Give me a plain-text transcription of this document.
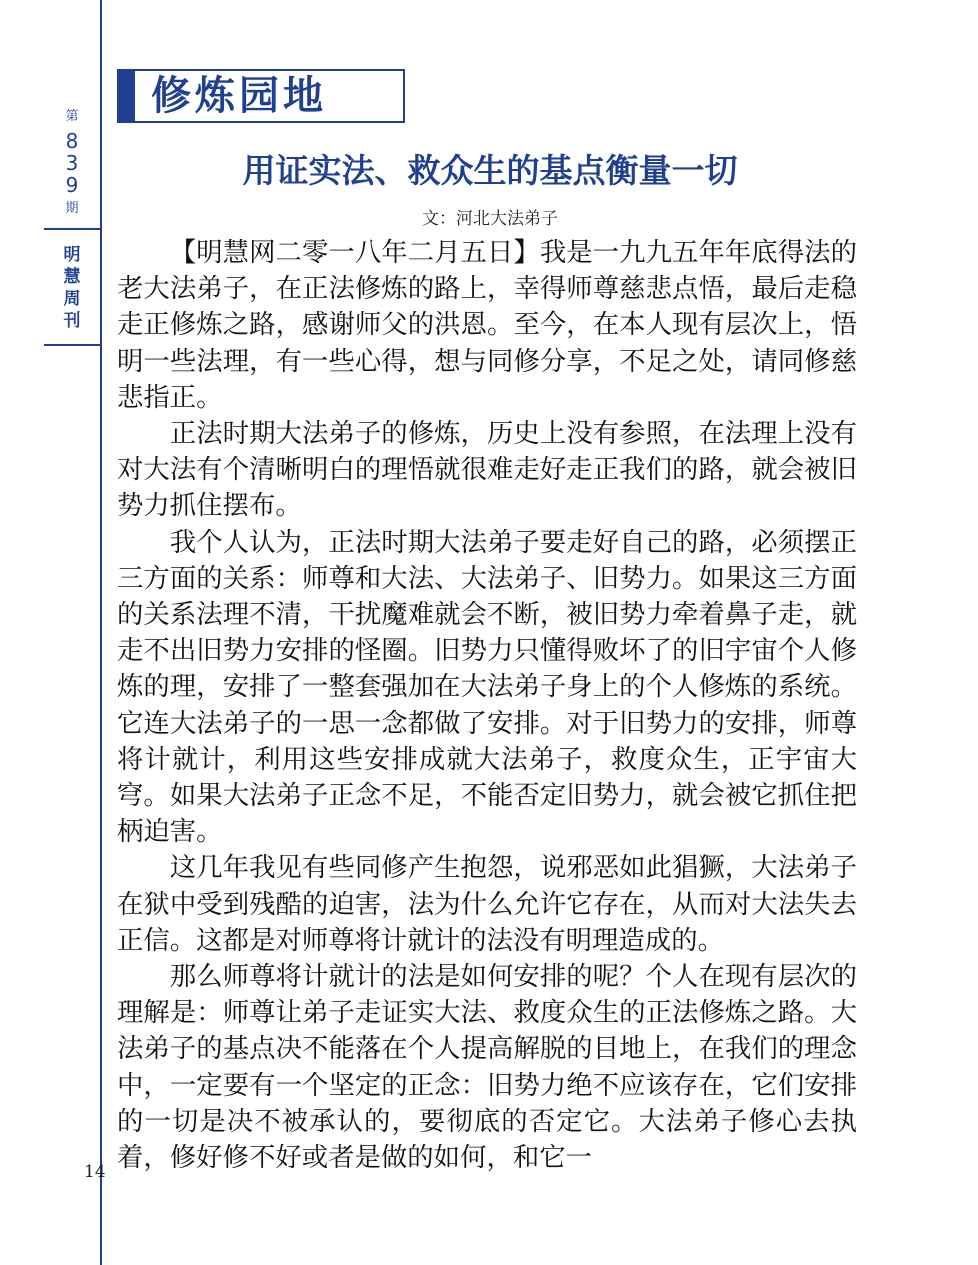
第
8
3
9
期
明
慧
周
刊
14
修炼园地
用证实法、救众生的基点衡量一切
文：河北大法弟子

【明慧网二零一八年二月五日】我是一九九五年年底得法的老大法弟子，在正法修炼的路上，幸得师尊慈悲点悟，最后走稳走正修炼之路，感谢师父的洪恩。至今，在本人现有层次上，悟明一些法理，有一些心得，想与同修分享，不足之处，请同修慈悲指正。

正法时期大法弟子的修炼，历史上没有参照，在法理上没有对大法有个清晰明白的理悟就很难走好走正我们的路，就会被旧势力抓住摆布。

我个人认为，正法时期大法弟子要走好自己的路，必须摆正三方面的关系：师尊和大法、大法弟子、旧势力。如果这三方面的关系法理不清，干扰魔难就会不断，被旧势力牵着鼻子走，就走不出旧势力安排的怪圈。旧势力只懂得败坏了的旧宇宙个人修炼的理，安排了一整套强加在大法弟子身上的个人修炼的系统。它连大法弟子的一思一念都做了安排。对于旧势力的安排，师尊将计就计，利用这些安排成就大法弟子，救度众生，正宇宙大穹。如果大法弟子正念不足，不能否定旧势力，就会被它抓住把柄迫害。

这几年我见有些同修产生抱怨，说邪恶如此猖獗，大法弟子在狱中受到残酷的迫害，法为什么允许它存在，从而对大法失去正信。这都是对师尊将计就计的法没有明理造成的。

那么师尊将计就计的法是如何安排的呢？个人在现有层次的理解是：师尊让弟子走证实大法、救度众生的正法修炼之路。大法弟子的基点决不能落在个人提高解脱的目地上，在我们的理念中，一定要有一个坚定的正念：旧势力绝不应该存在，它们安排的一切是决不被承认的，要彻底的否定它。大法弟子修心去执着，修好修不好或者是做的如何，和它一
